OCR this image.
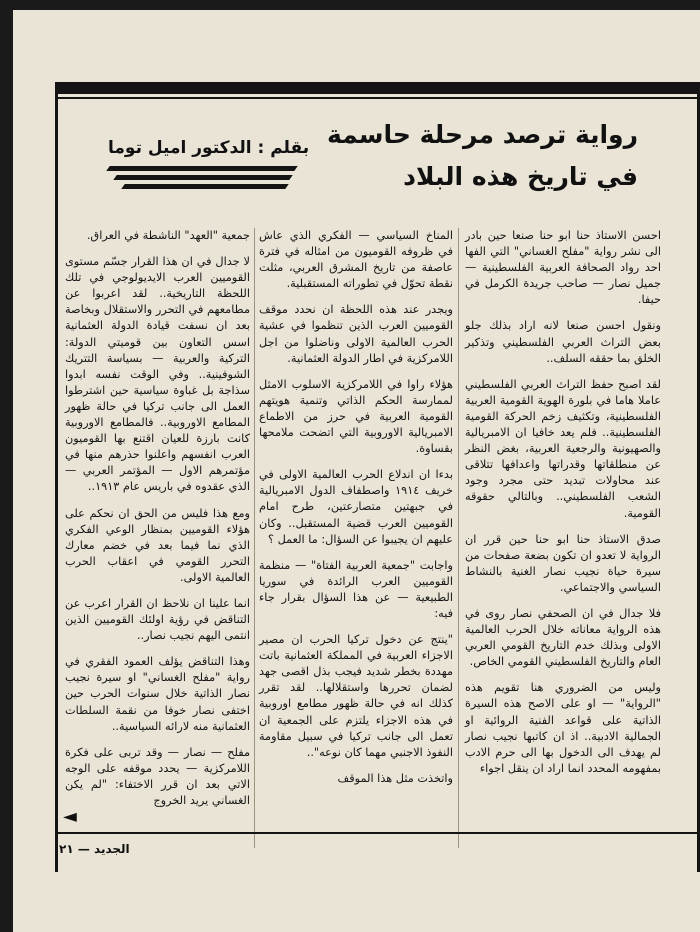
رواية ترصد مرحلة حاسمة
في تاريخ هذه البلاد
بقلم : الدكتور اميل توما

احسن الاستاذ حنا ابو حنا صنعا حين بادر الى نشر رواية "مفلح الغساني" التي الفها احد رواد الصحافة العربية الفلسطينية — جميل نصار — صاحب جريدة الكرمل في حيفا.

ونقول احسن صنعا لانه اراد بذلك جلو بعض التراث العربي الفلسطيني وتذكير الخلق بما حققه السلف..

لقد اصبح حفظ التراث العربي الفلسطيني عاملا هاما في بلورة الهوية القومية العربية الفلسطينية، وتكثيف زخم الحركة القومية الفلسطينية.. فلم يعد خافيا ان الامبريالية والصهيونية والرجعية العربية، بغض النظر عن منطلقاتها وقدراتها واعدافها تتلاقى عند محاولات تبديد حتى مجرد وجود الشعب الفلسطيني.. وبالتالي حقوقه القومية.

صدق الاستاذ حنا ابو حنا حين قرر ان الرواية لا تعدو ان تكون بضعة صفحات من سيرة حياة نجيب نصار الغنية بالنشاط السياسي والاجتماعي.

فلا جدال في ان الصحفي نصار روى في هذه الرواية معاناته خلال الحرب العالمية الاولى وبذلك خدم التاريخ القومي العربي العام والتاريخ الفلسطيني القومي الخاص.

وليس من الضروري هنا تقويم هذه "الرواية" — او على الاصح هذه السيرة الذاتية على قواعد الفنية الروائية او الجمالية الادبية.. اذ ان كاتبها نجيب نصار لم يهدف الى الدخول بها الى حرم الادب بمفهومه المحدد انما اراد ان ينقل اجواء

المناخ السياسي — الفكري الذي عاش في ظروفه القوميون من امثاله في فترة عاصفة من تاريخ المشرق العربي، مثلت نقطة تحوّل في تطوراته المستقبلية.

ويجدر عند هذه اللحظة ان نحدد موقف القوميين العرب الذين تنظموا في عشية الحرب العالمية الاولى وناضلوا من اجل اللامركزية في اطار الدولة العثمانية.

هؤلاء راوا في اللامركزية الاسلوب الامثل لممارسة الحكم الذاتي وتنمية هويتهم القومية العربية في حرز من الاطماع الامبريالية الاوروبية التي اتضحت ملامحها بقساوة.

بدءا ان اندلاع الحرب العالمية الاولى في خريف ١٩١٤ واصطفاف الدول الامبريالية في جبهتين متصارعتين، طرح امام القوميين العرب قضية المستقبل.. وكان عليهم ان يجيبوا عن السؤال: ما العمل ؟

واجابت "جمعية العربية الفتاة" — منظمة القوميين العرب الرائدة في سوريا الطبيعية — عن هذا السؤال بقرار جاء فيه:

"ينتج عن دخول تركيا الحرب ان مصير الاجزاء العربية في المملكة العثمانية باتت مهددة بخطر شديد فيجب بذل اقصى جهد لضمان تحررها واستقلالها.. لقد تقرر كذلك انه في حالة ظهور مطامع اوروبية في هذه الاجزاء يلتزم على الجمعية ان تعمل الى جانب تركيا في سبيل مقاومة النفوذ الاجنبي مهما كان نوعه"..

واتخذت مثل هذا الموقف

جمعية "العهد" الناشطة في العراق.

لا جدال في ان هذا القرار جسّم مستوى القوميين العرب الايديولوجي في تلك اللحظة التاريخية.. لقد اعربوا عن مطامعهم في التحرر والاستقلال وبخاصة بعد ان نسفت قيادة الدولة العثمانية اسس التعاون بين قوميتي الدولة: التركية والعربية — بسياسة التتريك الشوفينية.. وفي الوقت نفسه ابدوا سذاجة بل غباوة سياسية حين اشترطوا العمل الى جانب تركيا في حالة ظهور المطامع الاوروبية.. فالمطامع الاوروبية كانت بارزة للعيان اقتنع بها القوميون العرب انفسهم واعلنوا حذرهم منها في مؤتمرهم الاول — المؤتمر العربي — الذي عقدوه في باريس عام ١٩١٣..

ومع هذا فليس من الحق ان نحكم على هؤلاء القوميين بمنظار الوعي الفكري الذي نما فيما بعد في خضم معارك التحرر القومي في اعقاب الحرب العالمية الاولى.

انما علينا ان نلاحظ ان القرار اعرب عن التناقض في رؤية اولئك القوميين الذين انتمى اليهم نجيب نصار..

وهذا التناقض يؤلف العمود الفقري في رواية "مفلح الغساني" او سيرة نجيب نصار الذاتية خلال سنوات الحرب حين اختفى نصار خوفا من نقمة السلطات العثمانية منه لارائه السياسية..

مفلح — نصار — وقد تربى على فكرة اللامركزية — يحدد موقفه على الوجه الاتي بعد ان قرر الاختفاء: "لم يكن الغساني يريد الخروج

◄
الجديد — ٢١
